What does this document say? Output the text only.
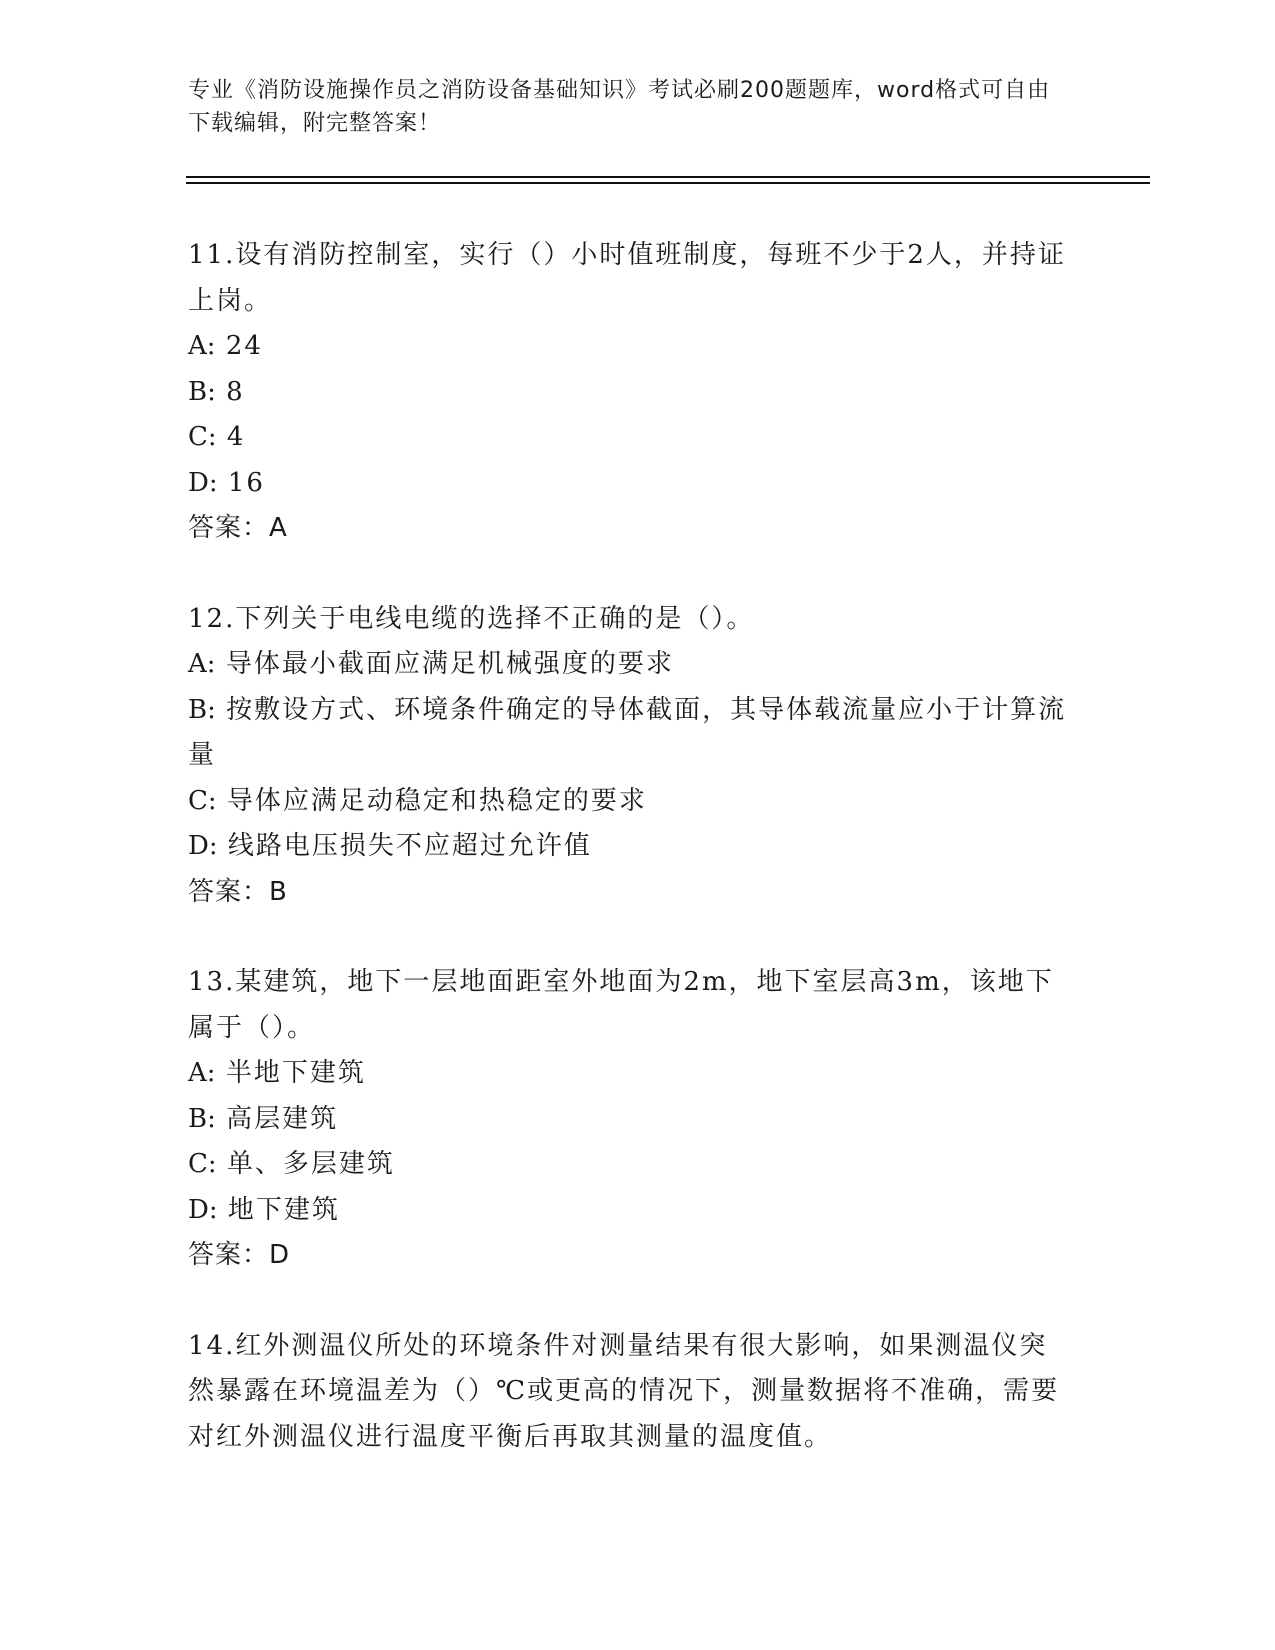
专业《消防设施操作员之消防设备基础知识》考试必刷200题题库，word格式可自由下载编辑，附完整答案！
11.设有消防控制室，实行（）小时值班制度，每班不少于2人，并持证上岗。
A: 24
B: 8
C: 4
D: 16
答案：A
12.下列关于电线电缆的选择不正确的是（）。
A: 导体最小截面应满足机械强度的要求
B: 按敷设方式、环境条件确定的导体截面，其导体载流量应小于计算流量
C: 导体应满足动稳定和热稳定的要求
D: 线路电压损失不应超过允许值
答案：B
13.某建筑，地下一层地面距室外地面为2m，地下室层高3m，该地下属于（）。
A: 半地下建筑
B: 高层建筑
C: 单、多层建筑
D: 地下建筑
答案：D
14.红外测温仪所处的环境条件对测量结果有很大影响，如果测温仪突然暴露在环境温差为（）℃或更高的情况下，测量数据将不准确，需要对红外测温仪进行温度平衡后再取其测量的温度值。
